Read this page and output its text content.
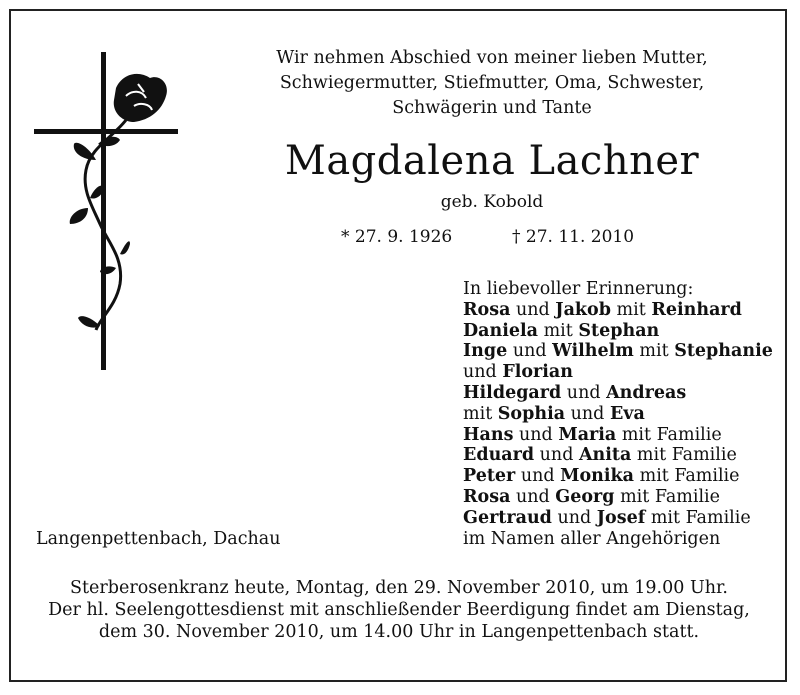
Wir nehmen Abschied von meiner lieben Mutter,
Schwiegermutter, Stiefmutter, Oma, Schwester,
Schwägerin und Tante
Magdalena Lachner
geb. Kobold
* 27. 9. 1926	† 27. 11. 2010
In liebevoller Erinnerung:
Rosa und Jakob mit Reinhard
Daniela mit Stephan
Inge und Wilhelm mit Stephanie
und Florian
Hildegard und Andreas
mit Sophia und Eva
Hans und Maria mit Familie
Eduard und Anita mit Familie
Peter und Monika mit Familie
Rosa und Georg mit Familie
Gertraud und Josef mit Familie
im Namen aller Angehörigen
Langenpettenbach, Dachau
Sterberosenkranz heute, Montag, den 29. November 2010, um 19.00 Uhr.
Der hl. Seelengottesdienst mit anschließender Beerdigung findet am Dienstag,
dem 30. November 2010, um 14.00 Uhr in Langenpettenbach statt.
